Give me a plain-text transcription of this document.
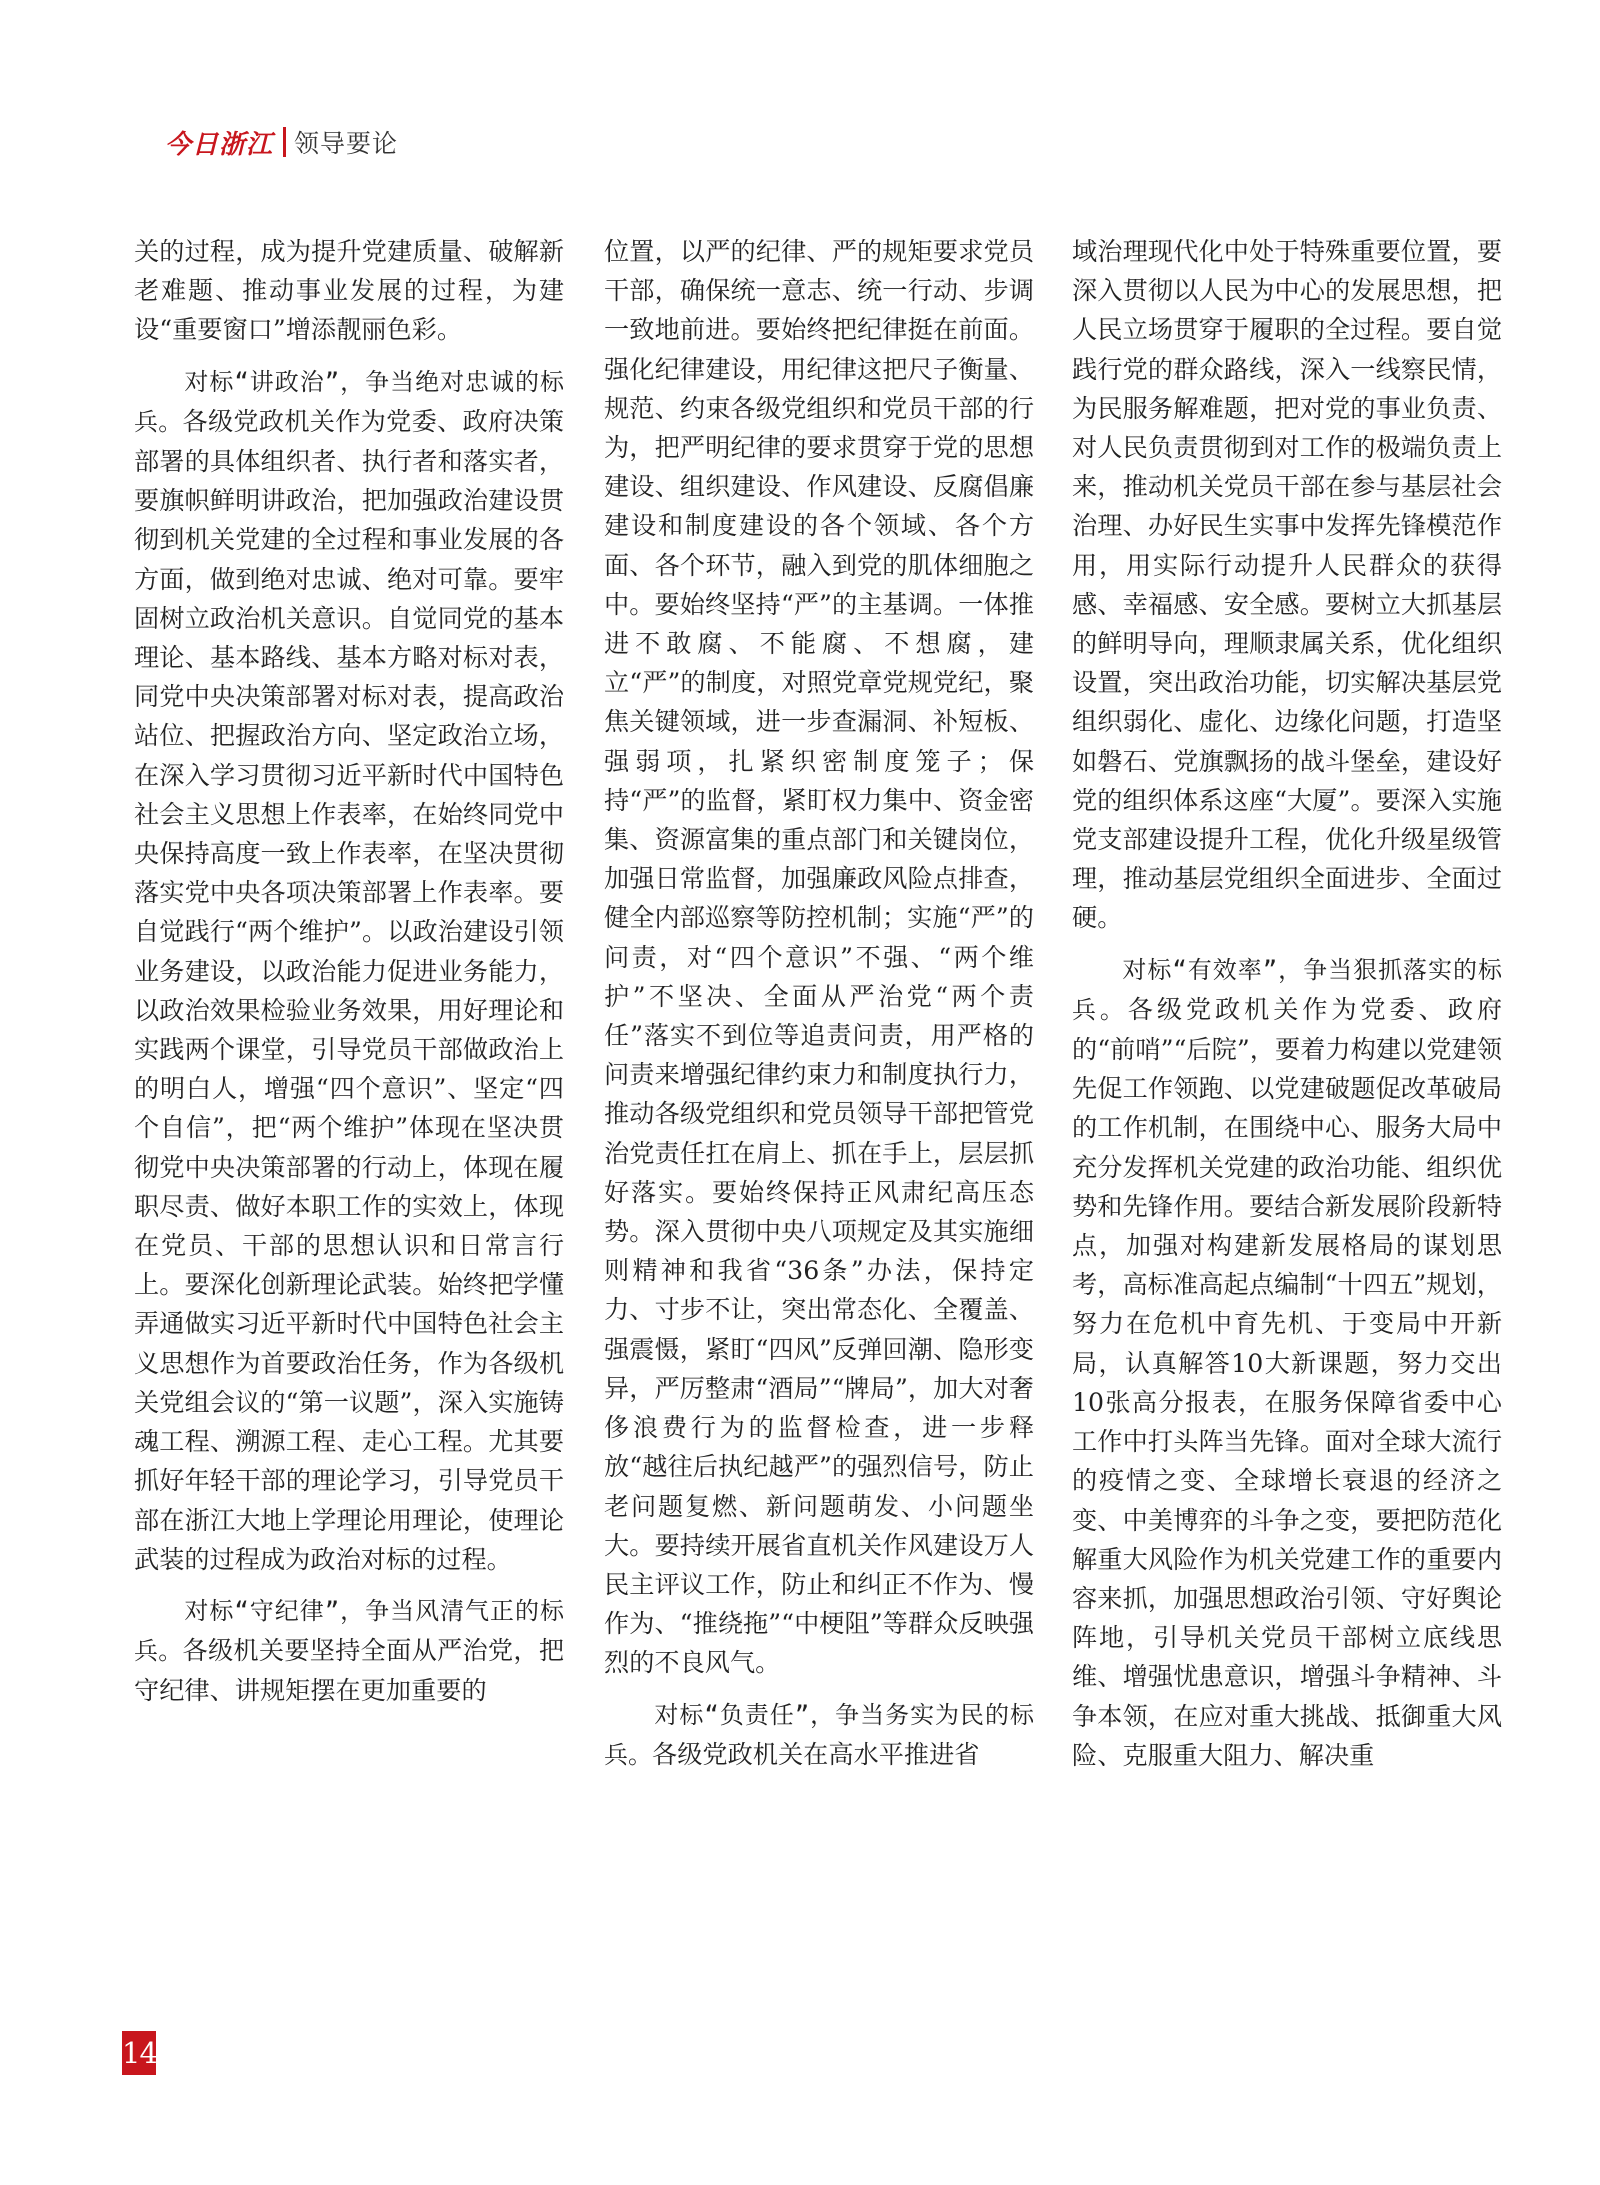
今日浙江 领导要论

关的过程，成为提升党建质量、破解新老难题、推动事业发展的过程，为建设“重要窗口”增添靓丽色彩。

对标“讲政治”，争当绝对忠诚的标兵。各级党政机关作为党委、政府决策部署的具体组织者、执行者和落实者，要旗帜鲜明讲政治，把加强政治建设贯彻到机关党建的全过程和事业发展的各方面，做到绝对忠诚、绝对可靠。要牢固树立政治机关意识。自觉同党的基本理论、基本路线、基本方略对标对表，同党中央决策部署对标对表，提高政治站位、把握政治方向、坚定政治立场，在深入学习贯彻习近平新时代中国特色社会主义思想上作表率，在始终同党中央保持高度一致上作表率，在坚决贯彻落实党中央各项决策部署上作表率。要自觉践行“两个维护”。以政治建设引领业务建设，以政治能力促进业务能力，以政治效果检验业务效果，用好理论和实践两个课堂，引导党员干部做政治上的明白人，增强“四个意识”、坚定“四个自信”，把“两个维护”体现在坚决贯彻党中央决策部署的行动上，体现在履职尽责、做好本职工作的实效上，体现在党员、干部的思想认识和日常言行上。要深化创新理论武装。始终把学懂弄通做实习近平新时代中国特色社会主义思想作为首要政治任务，作为各级机关党组会议的“第一议题”，深入实施铸魂工程、溯源工程、走心工程。尤其要抓好年轻干部的理论学习，引导党员干部在浙江大地上学理论用理论，使理论武装的过程成为政治对标的过程。

对标“守纪律”，争当风清气正的标兵。各级机关要坚持全面从严治党，把守纪律、讲规矩摆在更加重要的

位置，以严的纪律、严的规矩要求党员干部，确保统一意志、统一行动、步调一致地前进。要始终把纪律挺在前面。强化纪律建设，用纪律这把尺子衡量、规范、约束各级党组织和党员干部的行为，把严明纪律的要求贯穿于党的思想建设、组织建设、作风建设、反腐倡廉建设和制度建设的各个领域、各个方面、各个环节，融入到党的肌体细胞之中。要始终坚持“严”的主基调。一体推进不敢腐、不能腐、不想腐，建立“严”的制度，对照党章党规党纪，聚焦关键领域，进一步查漏洞、补短板、强弱项，扎紧织密制度笼子；保持“严”的监督，紧盯权力集中、资金密集、资源富集的重点部门和关键岗位，加强日常监督，加强廉政风险点排查，健全内部巡察等防控机制；实施“严”的问责，对“四个意识”不强、“两个维护”不坚决、全面从严治党“两个责任”落实不到位等追责问责，用严格的问责来增强纪律约束力和制度执行力，推动各级党组织和党员领导干部把管党治党责任扛在肩上、抓在手上，层层抓好落实。要始终保持正风肃纪高压态势。深入贯彻中央八项规定及其实施细则精神和我省“36条”办法，保持定力、寸步不让，突出常态化、全覆盖、强震慑，紧盯“四风”反弹回潮、隐形变异，严厉整肃“酒局”“牌局”，加大对奢侈浪费行为的监督检查，进一步释放“越往后执纪越严”的强烈信号，防止老问题复燃、新问题萌发、小问题坐大。要持续开展省直机关作风建设万人民主评议工作，防止和纠正不作为、慢作为、“推绕拖”“中梗阻”等群众反映强烈的不良风气。

对标“负责任”，争当务实为民的标兵。各级党政机关在高水平推进省

域治理现代化中处于特殊重要位置，要深入贯彻以人民为中心的发展思想，把人民立场贯穿于履职的全过程。要自觉践行党的群众路线，深入一线察民情，为民服务解难题，把对党的事业负责、对人民负责贯彻到对工作的极端负责上来，推动机关党员干部在参与基层社会治理、办好民生实事中发挥先锋模范作用，用实际行动提升人民群众的获得感、幸福感、安全感。要树立大抓基层的鲜明导向，理顺隶属关系，优化组织设置，突出政治功能，切实解决基层党组织弱化、虚化、边缘化问题，打造坚如磐石、党旗飘扬的战斗堡垒，建设好党的组织体系这座“大厦”。要深入实施党支部建设提升工程，优化升级星级管理，推动基层党组织全面进步、全面过硬。

对标“有效率”，争当狠抓落实的标兵。各级党政机关作为党委、政府的“前哨”“后院”，要着力构建以党建领先促工作领跑、以党建破题促改革破局的工作机制，在围绕中心、服务大局中充分发挥机关党建的政治功能、组织优势和先锋作用。要结合新发展阶段新特点，加强对构建新发展格局的谋划思考，高标准高起点编制“十四五”规划，努力在危机中育先机、于变局中开新局，认真解答10大新课题，努力交出10张高分报表，在服务保障省委中心工作中打头阵当先锋。面对全球大流行的疫情之变、全球增长衰退的经济之变、中美博弈的斗争之变，要把防范化解重大风险作为机关党建工作的重要内容来抓，加强思想政治引领、守好舆论阵地，引导机关党员干部树立底线思维、增强忧患意识，增强斗争精神、斗争本领，在应对重大挑战、抵御重大风险、克服重大阻力、解决重

14
